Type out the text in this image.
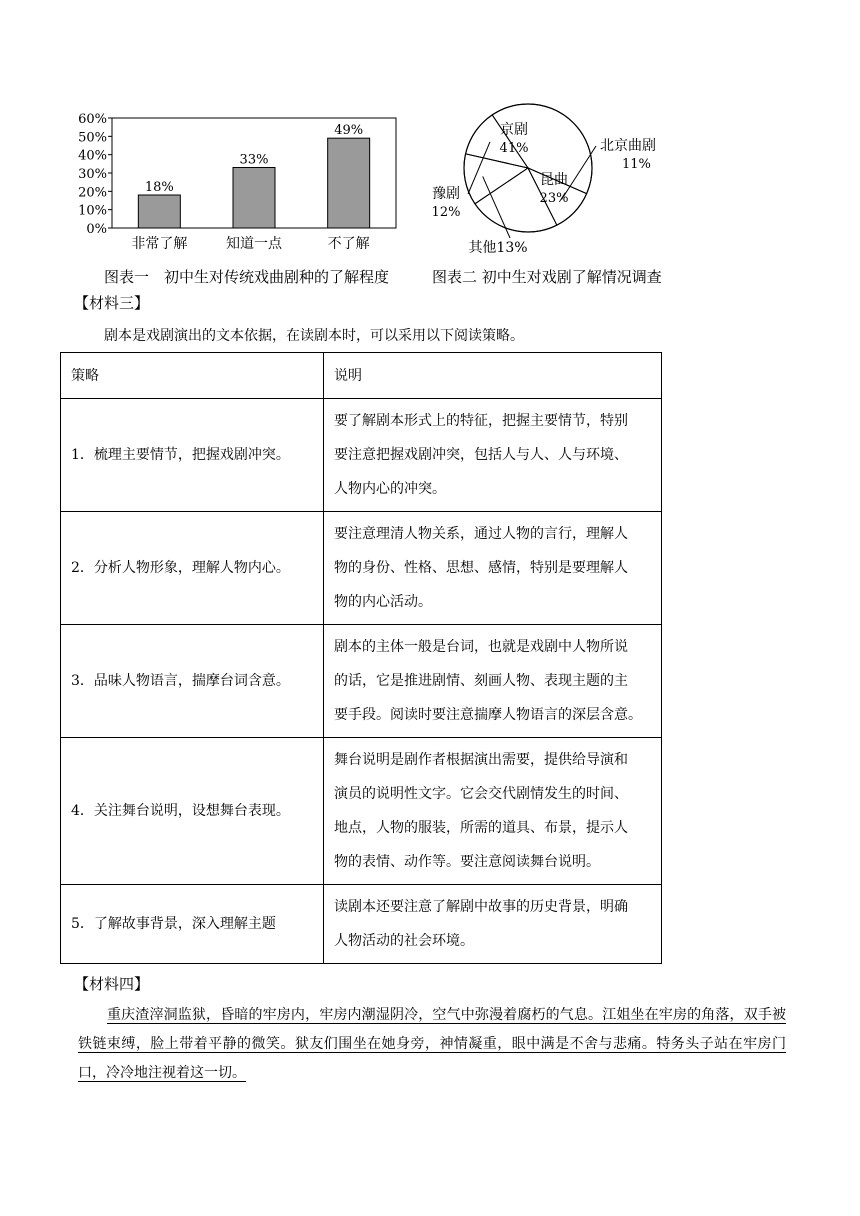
0%
10%
20%
30%
40%
50%
60%
18%
非常了解
33%
知道一点
49%
不了解
图表一　初中生对传统戏曲剧种的了解程度
京剧
41%	北京曲剧
11%
昆曲
23%
其他13%
豫剧
12%
图表二 初中生对戏剧了解情况调查
【材料三】
剧本是戏剧演出的文本依据，在读剧本时，可以采用以下阅读策略。
策略	说明
1．梳理主要情节，把握戏剧冲突。	要了解剧本形式上的特征，把握主要情节，特别
要注意把握戏剧冲突，包括人与人、人与环境、
人物内心的冲突。

2．分析人物形象，理解人物内心。	要注意理清人物关系，通过人物的言行，理解人
物的身份、性格、思想、感情，特别是要理解人
物的内心活动。

3．品味人物语言，揣摩台词含意。	剧本的主体一般是台词，也就是戏剧中人物所说
的话，它是推进剧情、刻画人物、表现主题的主
要手段。阅读时要注意揣摩人物语言的深层含意。

4．关注舞台说明，设想舞台表现。	舞台说明是剧作者根据演出需要，提供给导演和
演员的说明性文字。它会交代剧情发生的时间、
地点，人物的服装，所需的道具、布景，提示人
物的表情、动作等。要注意阅读舞台说明。

5．了解故事背景，深入理解主题	读剧本还要注意了解剧中故事的历史背景，明确
人物活动的社会环境。
【材料四】
重庆渣滓洞监狱，昏暗的牢房内，牢房内潮湿阴冷，空气中弥漫着腐朽的气息。江姐坐在牢房的角落，双手被铁链束缚，脸上带着平静的微笑。狱友们围坐在她身旁，神情凝重，眼中满是不舍与悲痛。特务头子站在牢房门口，冷冷地注视着这一切。
